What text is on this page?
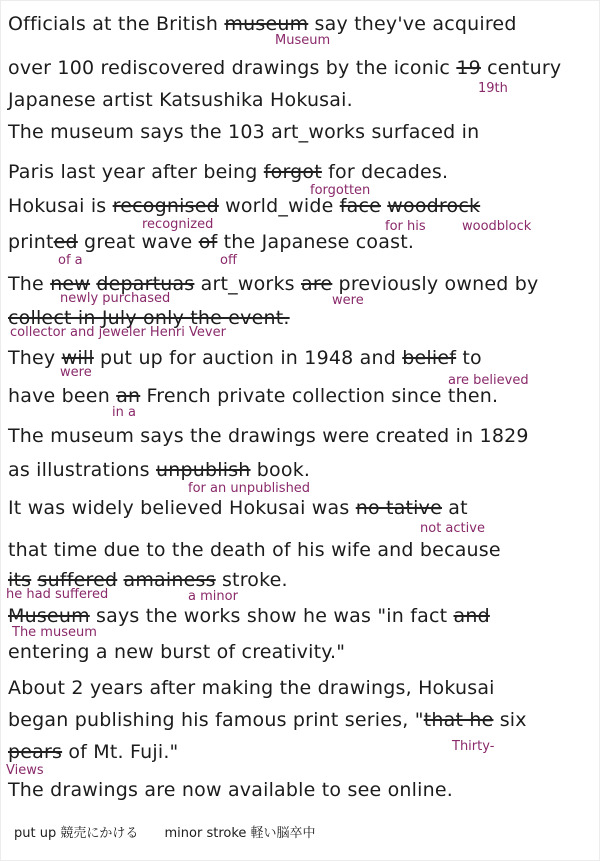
Officials at the British museum say they've acquired
over 100 rediscovered drawings by the iconic 19 century
Japanese artist Katsushika Hokusai.
The museum says the 103 art_works surfaced in
Paris last year after being forgot for decades.
Hokusai is recognised world_wide face woodrock
printed great wave of the Japanese coast.
The new departuas art_works are previously owned by
collect in July only the event.
They will put up for auction in 1948 and belief to
have been an French private collection since then.
The museum says the drawings were created in 1829
as illustrations unpublish book.
It was widely believed Hokusai was no tative at
that time due to the death of his wife and because
its suffered amainess stroke.
Museum says the works show he was "in fact and
entering a new burst of creativity."
About 2 years after making the drawings, Hokusai
began publishing his famous print series, "that he six
pears of Mt. Fuji."
The drawings are now available to see online.
Museum
19th
forgotten
recognized	for his	woodblock
of a	off
newly purchased	were
collector and jeweler Henri Vever
were
are believed
in a
for an unpublished
not active
he had suffered	a minor
The museum
Thirty-
Views
put up 競売にかける minor stroke 軽い脳卒中
